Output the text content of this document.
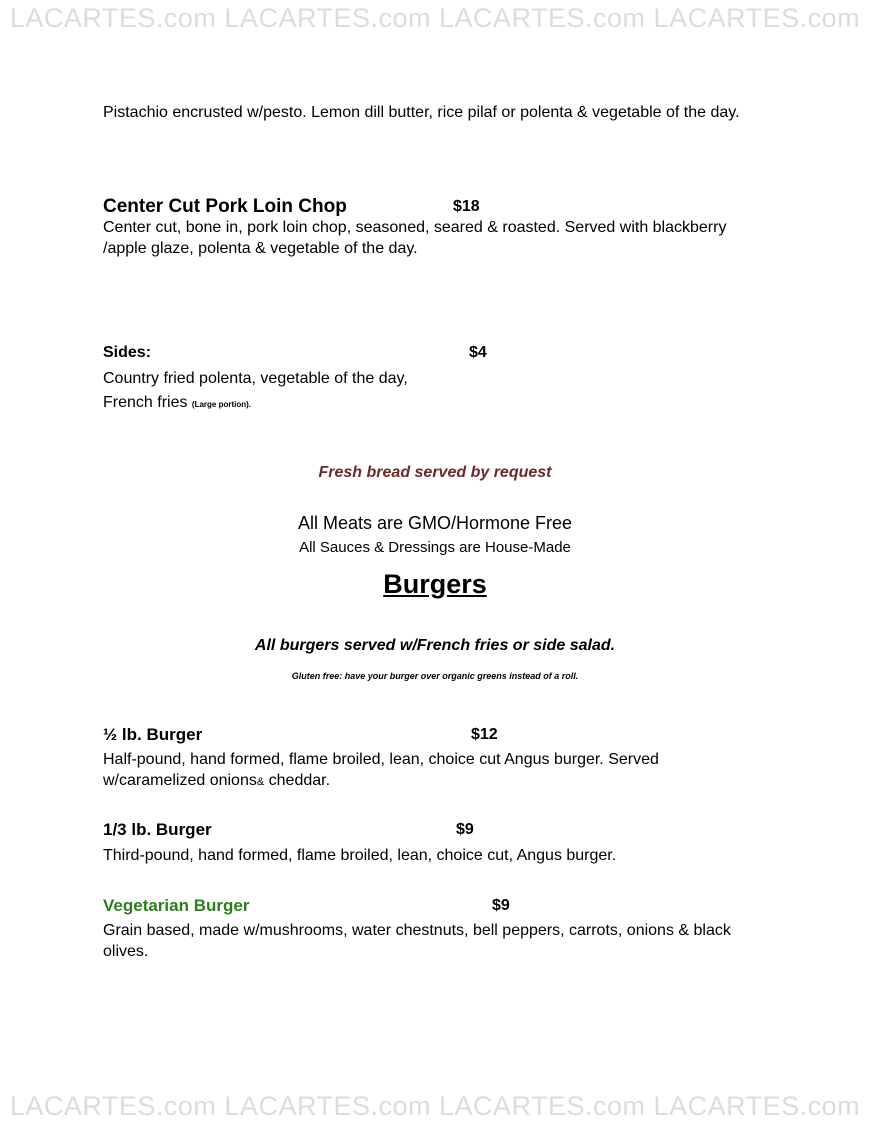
LACARTES.com LACARTES.com LACARTES.com LACARTES.com
Pistachio encrusted w/pesto. Lemon dill butter, rice pilaf or polenta & vegetable of the day.
Center Cut Pork Loin Chop	$18
Center cut, bone in, pork loin chop, seasoned, seared & roasted. Served with blackberry /apple glaze, polenta & vegetable of the day.
Sides:	$4
Country fried polenta, vegetable of the day,
French fries (Large portion).
Fresh bread served by request
All Meats are GMO/Hormone Free
All Sauces & Dressings are House-Made
Burgers
All burgers served w/French fries or side salad.
Gluten free: have your burger over organic greens instead of a roll.
½ lb. Burger	$12
Half-pound, hand formed, flame broiled, lean, choice cut Angus burger. Served w/caramelized onions& cheddar.
1/3 lb. Burger	$9
Third-pound, hand formed, flame broiled, lean, choice cut, Angus burger.
Vegetarian Burger	$9
Grain based, made w/mushrooms, water chestnuts, bell peppers, carrots, onions & black olives.
LACARTES.com LACARTES.com LACARTES.com LACARTES.com
